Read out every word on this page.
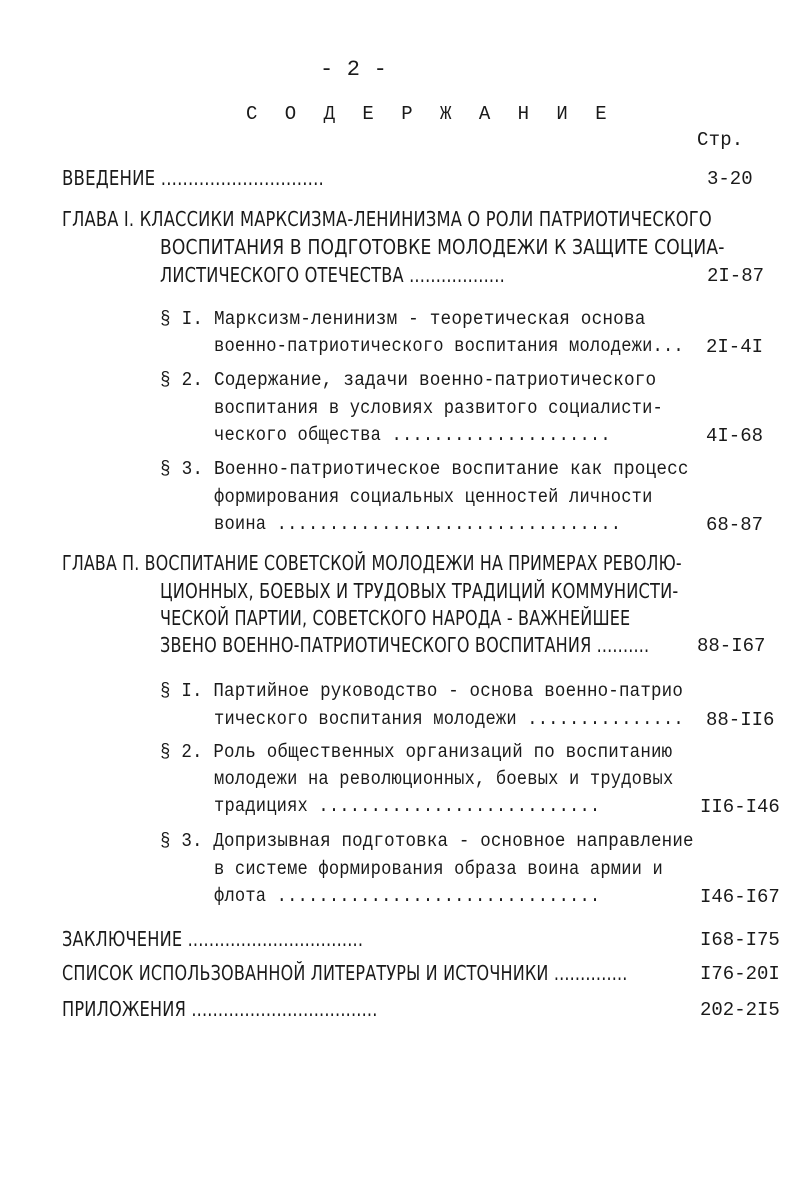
- 2 -
С О Д Е Р Ж А Н И Е
Стр.
ВВЕДЕНИЕ ..............................	3-20
ГЛАВА I. КЛАССИКИ МАРКСИЗМА-ЛЕНИНИЗМА О РОЛИ ПАТРИОТИЧЕСКОГО
ВОСПИТАНИЯ В ПОДГОТОВКЕ МОЛОДЕЖИ К ЗАЩИТЕ СОЦИА-
ЛИСТИЧЕСКОГО ОТЕЧЕСТВА ..................	2I-87
§ I. Марксизм-ленинизм - теоретическая основа
военно-патриотического воспитания молодежи... 2I-4I
§ 2. Содержание, задачи военно-патриотического
воспитания в условиях развитого социалисти-
ческого общества .....................	4I-68
§ 3. Военно-патриотическое воспитание как процесс
формирования социальных ценностей личности
воина .................................	68-87
ГЛАВА П. ВОСПИТАНИЕ СОВЕТСКОЙ МОЛОДЕЖИ НА ПРИМЕРАХ РЕВОЛЮ-
ЦИОННЫХ, БОЕВЫХ И ТРУДОВЫХ ТРАДИЦИЙ КОММУНИСТИ-
ЧЕСКОЙ ПАРТИИ, СОВЕТСКОГО НАРОДА - ВАЖНЕЙШЕЕ
ЗВЕНО ВОЕННО-ПАТРИОТИЧЕСКОГО ВОСПИТАНИЯ ..........	88-I67
§ I. Партийное руководство - основа военно-патрио
тического воспитания молодежи ............... 88-II6
§ 2. Роль общественных организаций по воспитанию
молодежи на революционных, боевых и трудовых
традициях ...........................	II6-I46
§ 3. Допризывная подготовка - основное направление
в системе формирования образа воина армии и
флота ...............................	I46-I67
ЗАКЛЮЧЕНИЕ .................................	I68-I75
СПИСОК ИСПОЛЬЗОВАННОЙ ЛИТЕРАТУРЫ И ИСТОЧНИКИ ..............	I76-20I
ПРИЛОЖЕНИЯ ...................................	202-2I5
